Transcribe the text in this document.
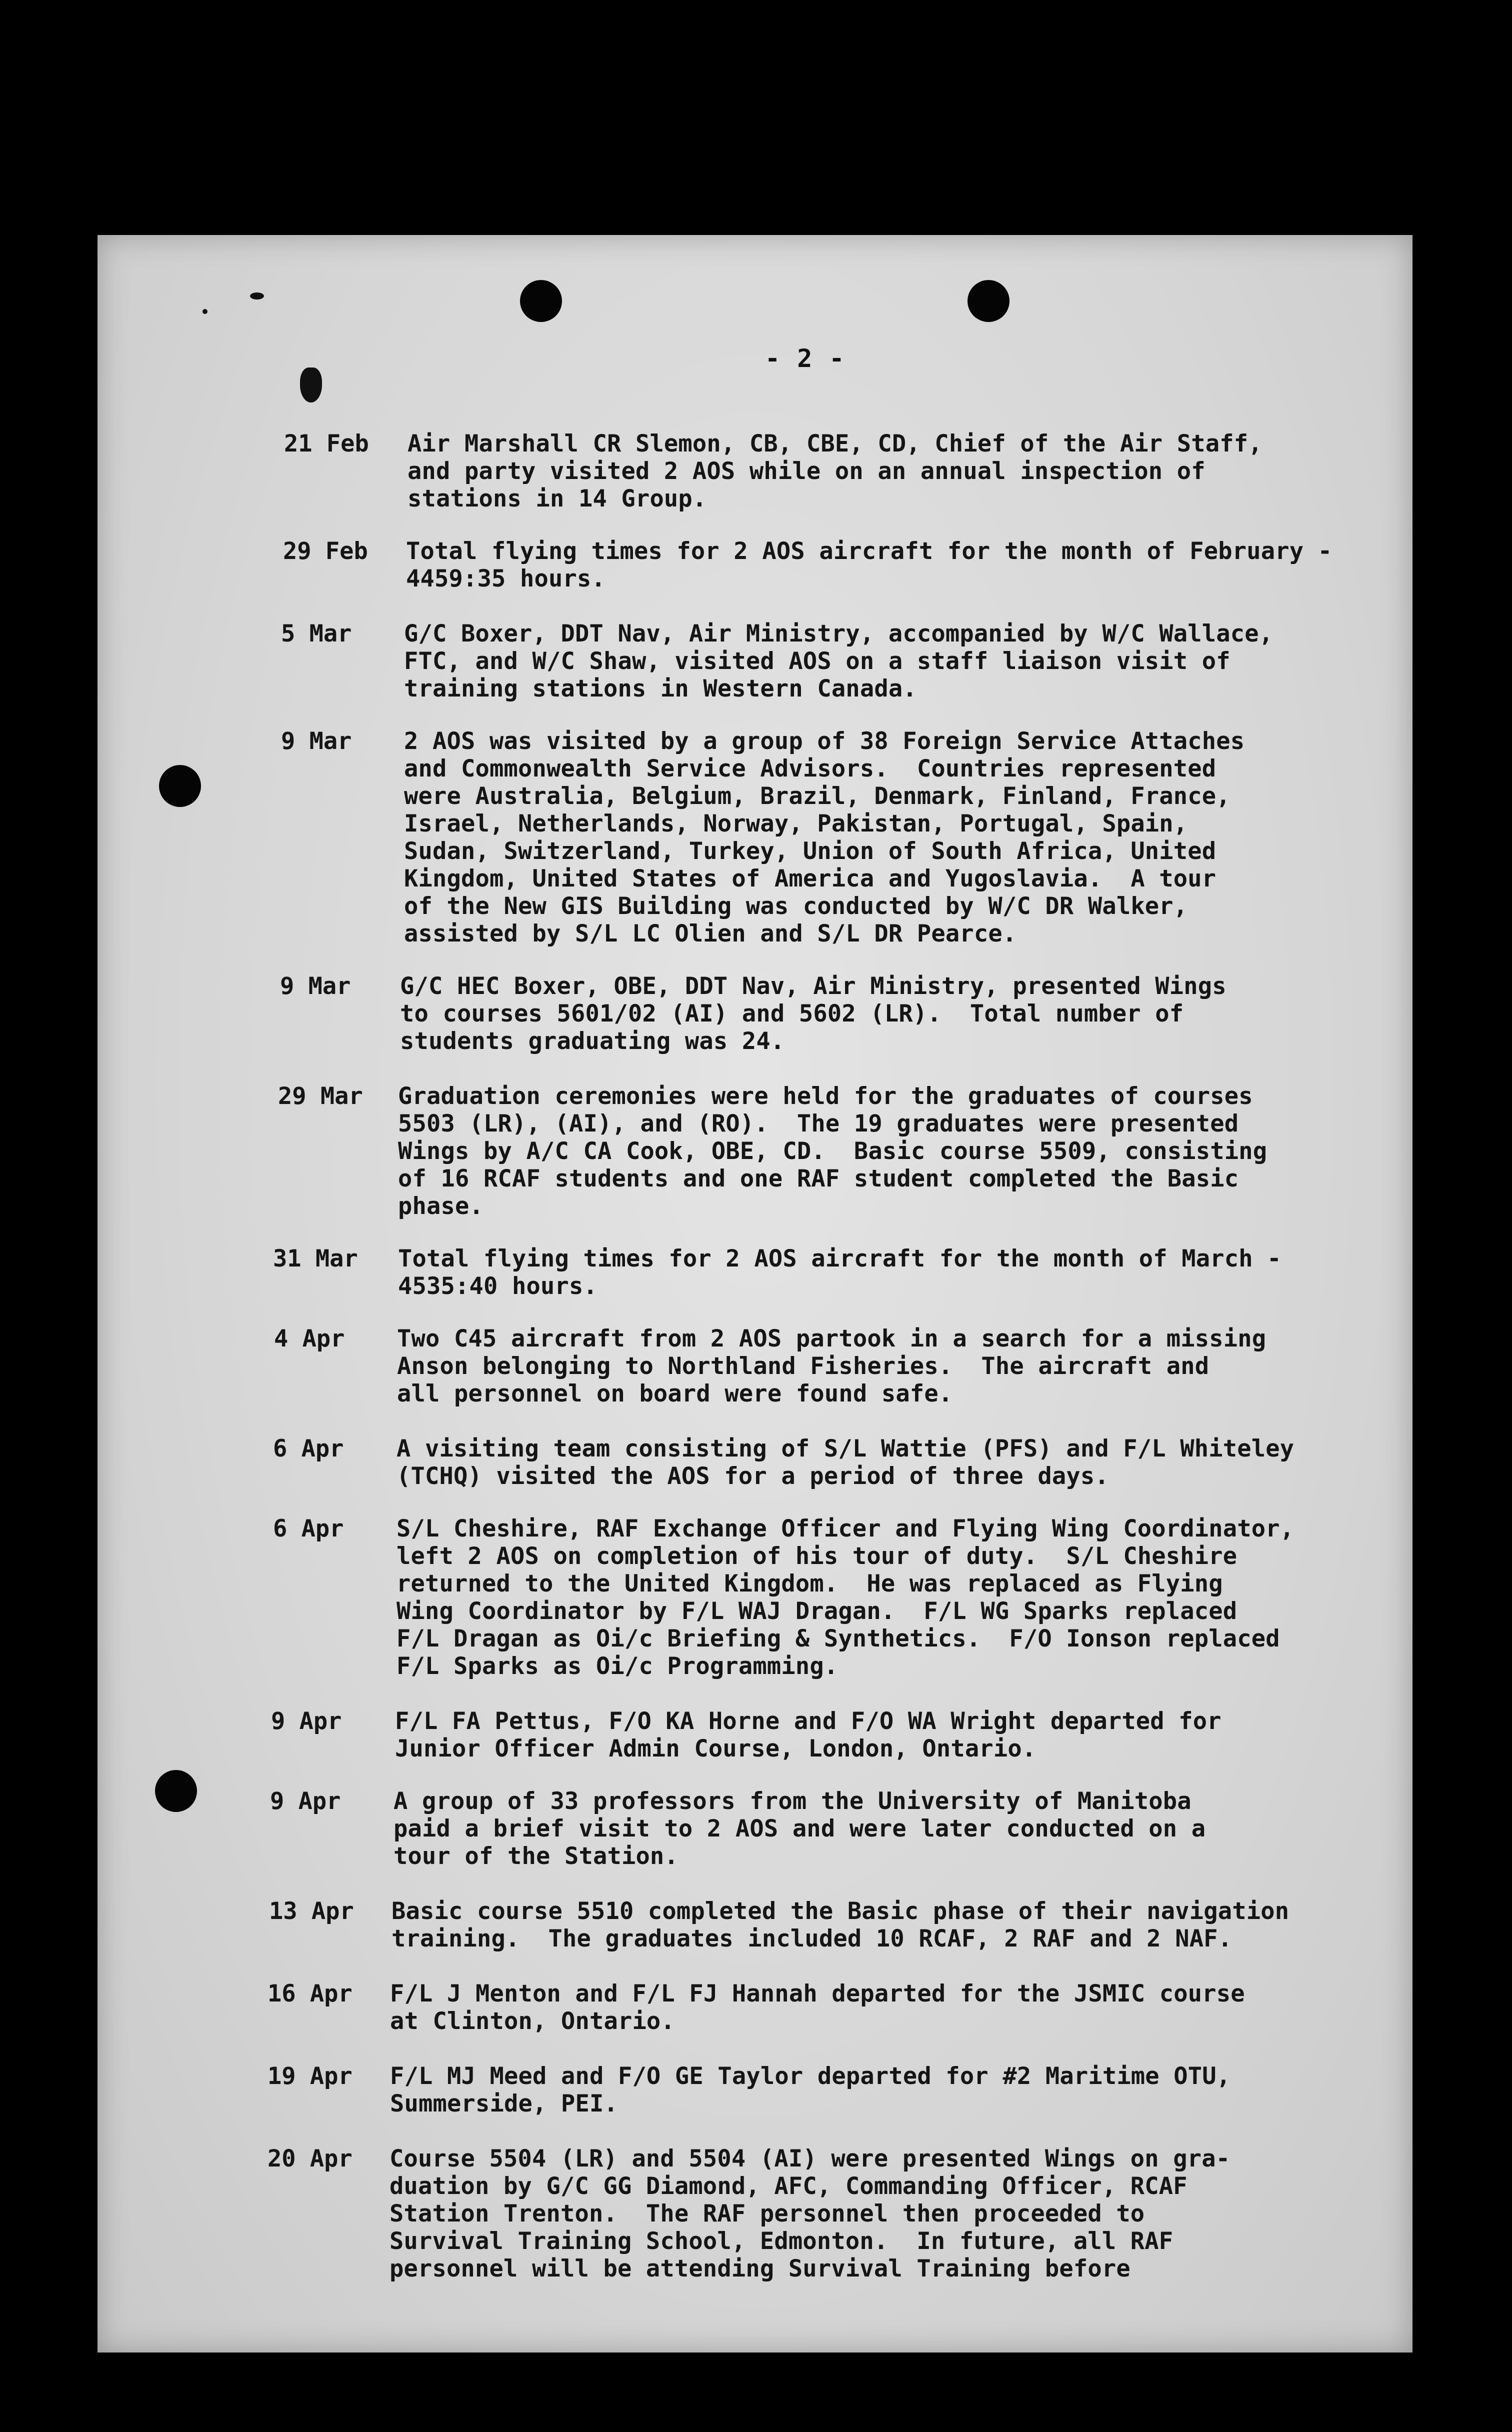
- 2 -
21 Feb Air Marshall CR Slemon, CB, CBE, CD, Chief of the Air Staff,
and party visited 2 AOS while on an annual inspection of
stations in 14 Group.
29 Feb Total flying times for 2 AOS aircraft for the month of February -
4459:35 hours.
5 Mar G/C Boxer, DDT Nav, Air Ministry, accompanied by W/C Wallace,
FTC, and W/C Shaw, visited AOS on a staff liaison visit of
training stations in Western Canada.
9 Mar 2 AOS was visited by a group of 38 Foreign Service Attaches
and Commonwealth Service Advisors.  Countries represented
were Australia, Belgium, Brazil, Denmark, Finland, France,
Israel, Netherlands, Norway, Pakistan, Portugal, Spain,
Sudan, Switzerland, Turkey, Union of South Africa, United
Kingdom, United States of America and Yugoslavia.  A tour
of the New GIS Building was conducted by W/C DR Walker,
assisted by S/L LC Olien and S/L DR Pearce.
9 Mar G/C HEC Boxer, OBE, DDT Nav, Air Ministry, presented Wings
to courses 5601/02 (AI) and 5602 (LR).  Total number of
students graduating was 24.
29 Mar Graduation ceremonies were held for the graduates of courses
5503 (LR), (AI), and (RO).  The 19 graduates were presented
Wings by A/C CA Cook, OBE, CD.  Basic course 5509, consisting
of 16 RCAF students and one RAF student completed the Basic
phase.
31 Mar Total flying times for 2 AOS aircraft for the month of March -
4535:40 hours.
4 Apr Two C45 aircraft from 2 AOS partook in a search for a missing
Anson belonging to Northland Fisheries.  The aircraft and
all personnel on board were found safe.
6 Apr A visiting team consisting of S/L Wattie (PFS) and F/L Whiteley
(TCHQ) visited the AOS for a period of three days.
6 Apr S/L Cheshire, RAF Exchange Officer and Flying Wing Coordinator,
left 2 AOS on completion of his tour of duty.  S/L Cheshire
returned to the United Kingdom.  He was replaced as Flying
Wing Coordinator by F/L WAJ Dragan.  F/L WG Sparks replaced
F/L Dragan as Oi/c Briefing & Synthetics.  F/O Ionson replaced
F/L Sparks as Oi/c Programming.
9 Apr F/L FA Pettus, F/O KA Horne and F/O WA Wright departed for
Junior Officer Admin Course, London, Ontario.
9 Apr A group of 33 professors from the University of Manitoba
paid a brief visit to 2 AOS and were later conducted on a
tour of the Station.
13 Apr Basic course 5510 completed the Basic phase of their navigation
training.  The graduates included 10 RCAF, 2 RAF and 2 NAF.
16 Apr F/L J Menton and F/L FJ Hannah departed for the JSMIC course
at Clinton, Ontario.
19 Apr F/L MJ Meed and F/O GE Taylor departed for #2 Maritime OTU,
Summerside, PEI.
20 Apr Course 5504 (LR) and 5504 (AI) were presented Wings on gra-
duation by G/C GG Diamond, AFC, Commanding Officer, RCAF
Station Trenton.  The RAF personnel then proceeded to
Survival Training School, Edmonton.  In future, all RAF
personnel will be attending Survival Training before
